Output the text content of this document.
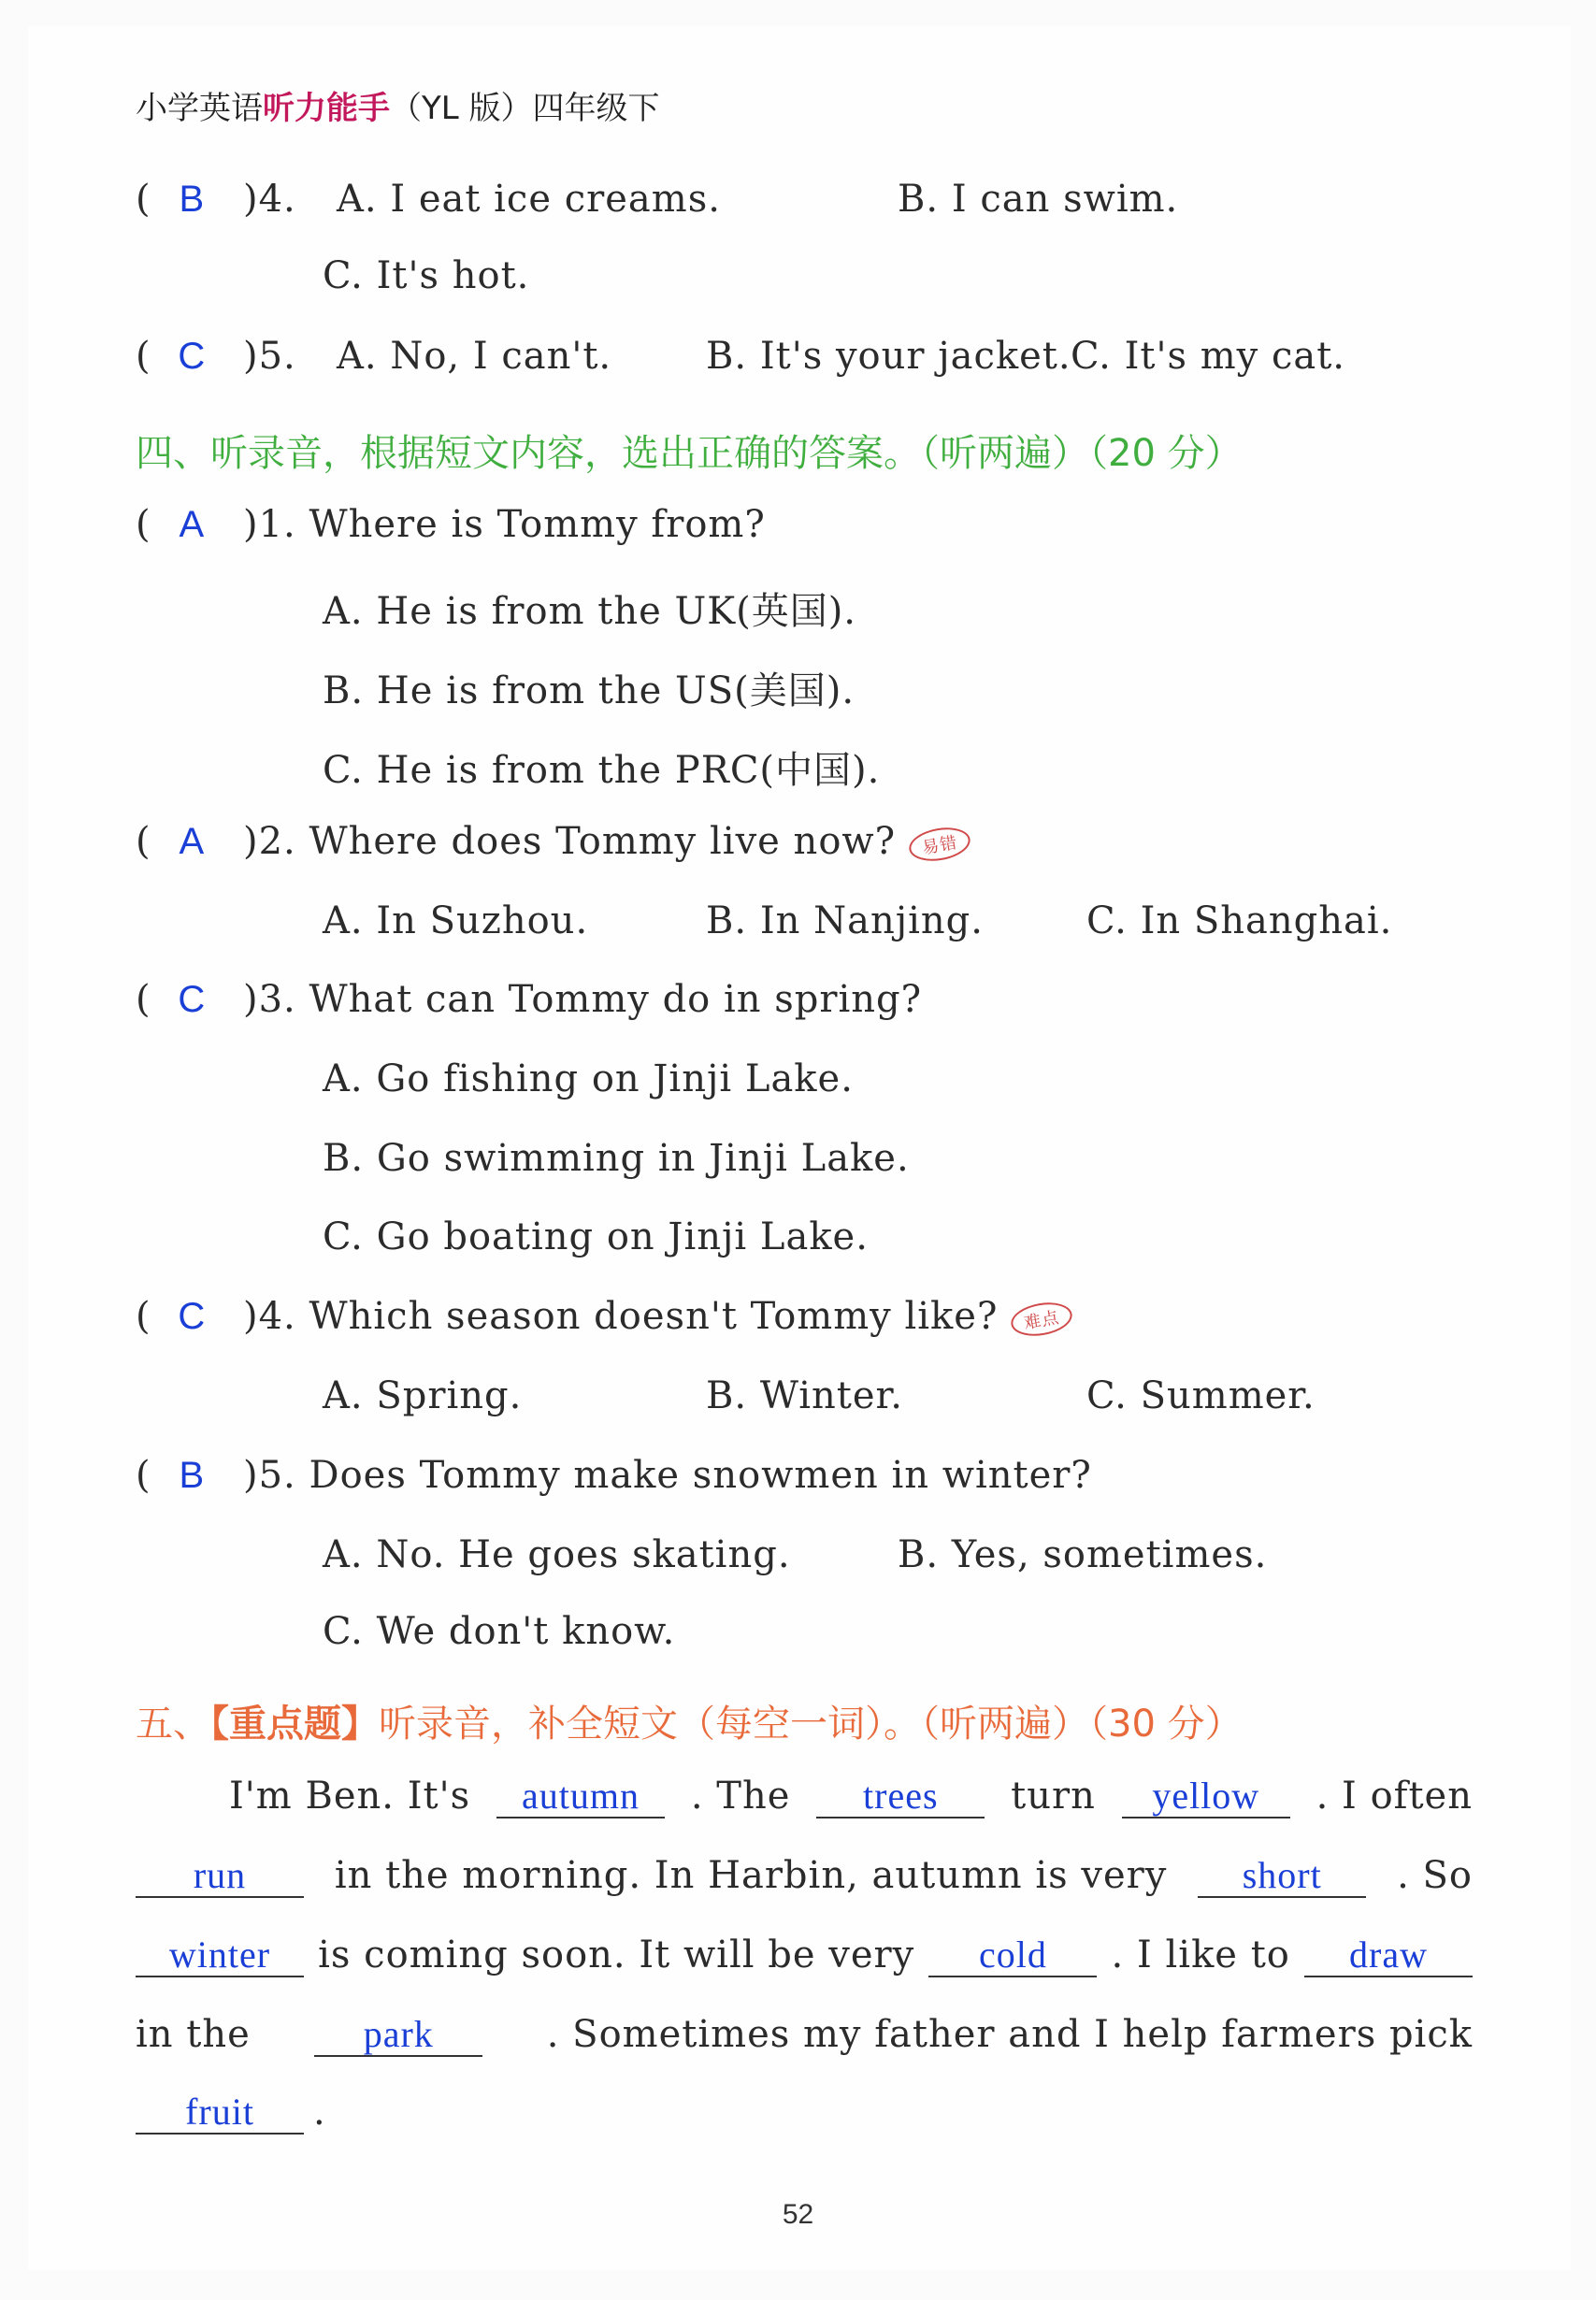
小学英语听力能手（YL 版）四年级下
( B )4. A. I eat ice creams.	B. I can swim.
C. It's hot.
( C )5. A. No, I can't.	B. It's your jacket. C. It's my cat.
四、听录音，根据短文内容，选出正确的答案。（听两遍）（20 分）
( A )1. Where is Tommy from?
A. He is from the UK(英国).
B. He is from the US(美国).
C. He is from the PRC(中国).
( A )2. Where does Tommy live now? 易错
A. In Suzhou.	B. In Nanjing.	C. In Shanghai.
( C )3. What can Tommy do in spring?
A. Go fishing on Jinji Lake.
B. Go swimming in Jinji Lake.
C. Go boating on Jinji Lake.
( C )4. Which season doesn't Tommy like? 难点
A. Spring.	B. Winter.	C. Summer.
( B )5. Does Tommy make snowmen in winter?
A. No. He goes skating.	B. Yes, sometimes.
C. We don't know.
五、【重点题】听录音，补全短文（每空一词）。（听两遍）（30 分）
I'm Ben. It's	autumn	. The	trees	turn	yellow	. I often
run	in the morning. In Harbin, autumn is very	short	. So
winter	is coming soon. It will be very	cold	. I like to	draw
in the	park	. Sometimes my father and I help farmers pick
fruit	.
52
